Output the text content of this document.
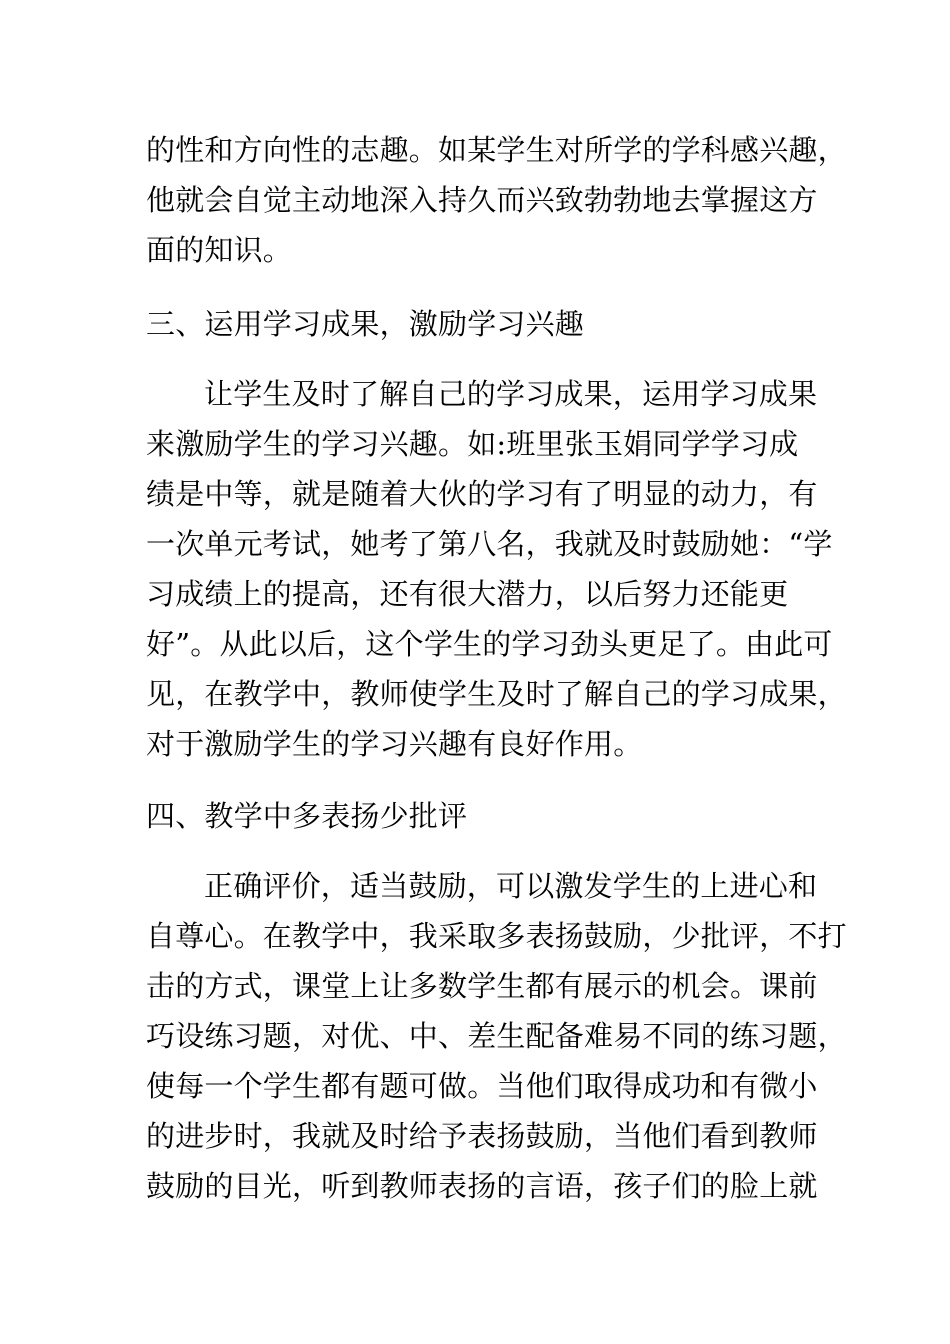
的性和方向性的志趣。如某学生对所学的学科感兴趣，
他就会自觉主动地深入持久而兴致勃勃地去掌握这方
面的知识。
三、运用学习成果，激励学习兴趣
让学生及时了解自己的学习成果，运用学习成果
来激励学生的学习兴趣。如:班里张玉娟同学学习成
绩是中等，就是随着大伙的学习有了明显的动力，有
一次单元考试，她考了第八名，我就及时鼓励她：“学
习成绩上的提高，还有很大潜力，以后努力还能更
好”。从此以后，这个学生的学习劲头更足了。由此可
见，在教学中，教师使学生及时了解自己的学习成果，
对于激励学生的学习兴趣有良好作用。
四、教学中多表扬少批评
正确评价，适当鼓励，可以激发学生的上进心和
自尊心。在教学中，我采取多表扬鼓励，少批评，不打
击的方式，课堂上让多数学生都有展示的机会。课前
巧设练习题，对优、中、差生配备难易不同的练习题，
使每一个学生都有题可做。当他们取得成功和有微小
的进步时，我就及时给予表扬鼓励，当他们看到教师
鼓励的目光，听到教师表扬的言语，孩子们的脸上就
